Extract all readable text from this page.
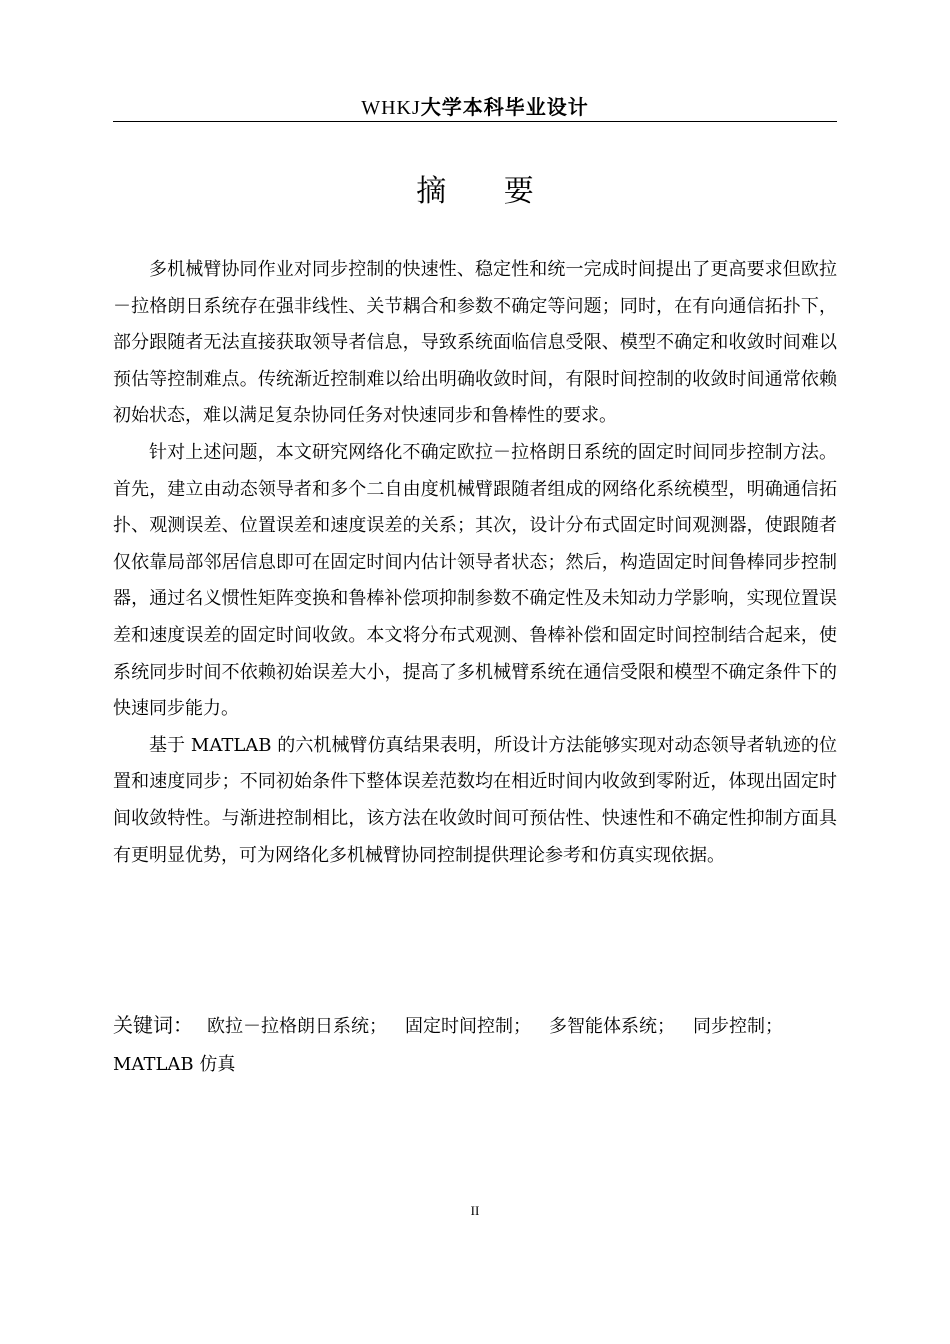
WHKJ大学本科毕业设计
摘 要

多机械臂协同作业对同步控制的快速性、稳定性和统一完成时间提出了更高要求但欧拉－拉格朗日系统存在强非线性、关节耦合和参数不确定等问题；同时，在有向通信拓扑下，部分跟随者无法直接获取领导者信息，导致系统面临信息受限、模型不确定和收敛时间难以预估等控制难点。传统渐近控制难以给出明确收敛时间，有限时间控制的收敛时间通常依赖初始状态，难以满足复杂协同任务对快速同步和鲁棒性的要求。

针对上述问题，本文研究网络化不确定欧拉－拉格朗日系统的固定时间同步控制方法。首先，建立由动态领导者和多个二自由度机械臂跟随者组成的网络化系统模型，明确通信拓扑、观测误差、位置误差和速度误差的关系；其次，设计分布式固定时间观测器，使跟随者仅依靠局部邻居信息即可在固定时间内估计领导者状态；然后，构造固定时间鲁棒同步控制器，通过名义惯性矩阵变换和鲁棒补偿项抑制参数不确定性及未知动力学影响，实现位置误差和速度误差的固定时间收敛。本文将分布式观测、鲁棒补偿和固定时间控制结合起来，使系统同步时间不依赖初始误差大小，提高了多机械臂系统在通信受限和模型不确定条件下的快速同步能力。

基于 MATLAB 的六机械臂仿真结果表明，所设计方法能够实现对动态领导者轨迹的位置和速度同步；不同初始条件下整体误差范数均在相近时间内收敛到零附近，体现出固定时间收敛特性。与渐进控制相比，该方法在收敛时间可预估性、快速性和不确定性抑制方面具有更明显优势，可为网络化多机械臂协同控制提供理论参考和仿真实现依据。

关键词： 欧拉－拉格朗日系统； 固定时间控制； 多智能体系统； 同步控制；
MATLAB 仿真
II
